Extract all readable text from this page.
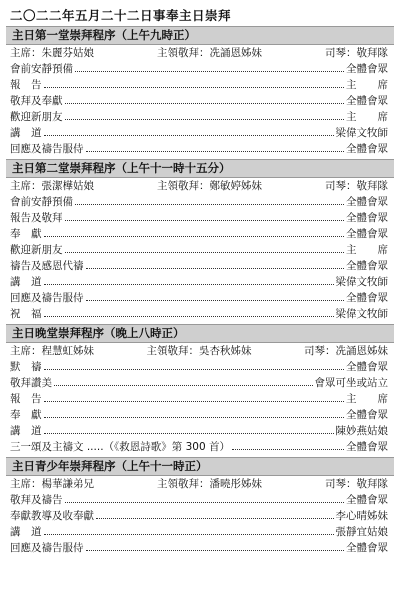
二〇二二年五月二十二日事奉主日崇拜
主日第一堂崇拜程序（上午九時正）
主席：朱麗芬姑娘	主領敬拜：冼誦恩姊妹	司琴：敬拜隊
會前安靜預備	全體會眾
報　告	主　　席
敬拜及奉獻	全體會眾
歡迎新朋友	主　　席
講　道	梁偉文牧師
回應及禱告服侍	全體會眾
主日第二堂崇拜程序（上午十一時十五分）
主席：張潔樺姑娘	主領敬拜：鄭敏婷姊妹	司琴：敬拜隊
會前安靜預備	全體會眾
報告及敬拜	全體會眾
奉　獻	全體會眾
歡迎新朋友	主　　席
禱告及感恩代禱	全體會眾
講　道	梁偉文牧師
回應及禱告服侍	全體會眾
祝　福	梁偉文牧師
主日晚堂崇拜程序（晚上八時正）
主席：程慧虹姊妹	主領敬拜：吳杏秋姊妹	司琴：冼誦恩姊妹
默　禱	全體會眾
敬拜讚美	會眾可坐或站立
報　告	主　　席
奉　獻	全體會眾
講　道	陳妙燕姑娘
三一頌及主禱文 .....（《救恩詩歌》第 300 首）	全體會眾
主日青少年崇拜程序（上午十一時正）
主席：楊華謙弟兄	主領敬拜：潘曉彤姊妹	司琴：敬拜隊
敬拜及禱告	全體會眾
奉獻教導及收奉獻	李心晴姊妹
講　道	張靜宜姑娘
回應及禱告服侍	全體會眾
